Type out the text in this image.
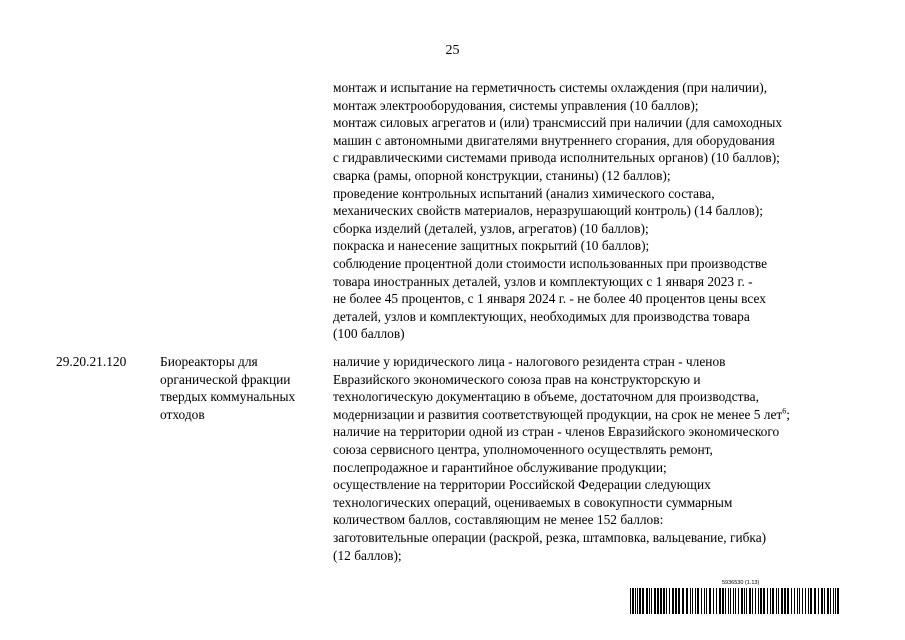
25
монтаж и испытание на герметичность системы охлаждения (при наличии),
монтаж электрооборудования, системы управления (10 баллов);
монтаж силовых агрегатов и (или) трансмиссий при наличии (для самоходных
машин с автономными двигателями внутреннего сгорания, для оборудования
с гидравлическими системами привода исполнительных органов) (10 баллов);
сварка (рамы, опорной конструкции, станины) (12 баллов);
проведение контрольных испытаний (анализ химического состава,
механических свойств материалов, неразрушающий контроль) (14 баллов);
сборка изделий (деталей, узлов, агрегатов) (10 баллов);
покраска и нанесение защитных покрытий (10 баллов);
соблюдение процентной доли стоимости использованных при производстве
товара иностранных деталей, узлов и комплектующих с 1 января 2023 г. -
не более 45 процентов, с 1 января 2024 г. - не более 40 процентов цены всех
деталей, узлов и комплектующих, необходимых для производства товара
(100 баллов)
29.20.21.120	Биореакторы для
органической фракции
твердых коммунальных
отходов
наличие у юридического лица - налогового резидента стран - членов
Евразийского экономического союза прав на конструкторскую и
технологическую документацию в объеме, достаточном для производства,
модернизации и развития соответствующей продукции, на срок не менее 5 лет$^6$;
наличие на территории одной из стран - членов Евразийского экономического
союза сервисного центра, уполномоченного осуществлять ремонт,
послепродажное и гарантийное обслуживание продукции;
осуществление на территории Российской Федерации следующих
технологических операций, оцениваемых в совокупности суммарным
количеством баллов, составляющим не менее 152 баллов:
заготовительные операции (раскрой, резка, штамповка, вальцевание, гибка)
(12 баллов);
5936530 (1.13)
